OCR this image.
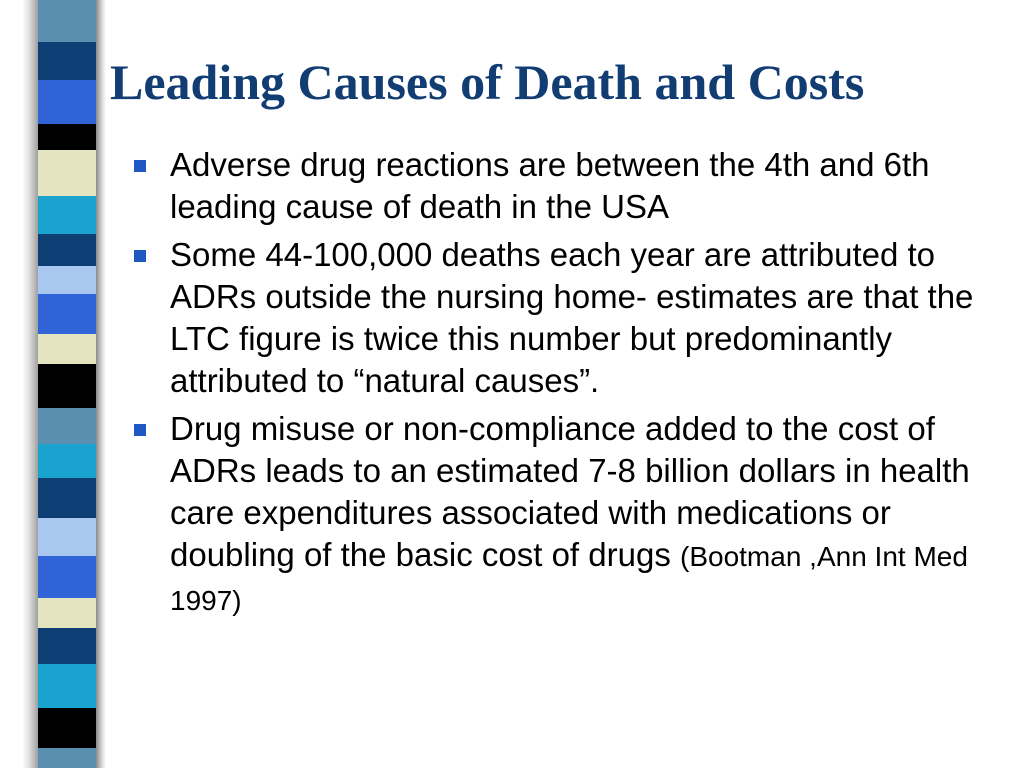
Leading Causes of Death and Costs
Adverse drug reactions are between the 4th and 6th leading cause of death in the USA
Some 44-100,000 deaths each year are attributed to ADRs outside the nursing home- estimates are that the LTC figure is twice this number but predominantly attributed to “natural causes”.
Drug misuse or non-compliance added to the cost of ADRs leads to an estimated 7-8 billion dollars in health care expenditures associated with medications or doubling of the basic cost of drugs (Bootman ,Ann Int Med 1997)
